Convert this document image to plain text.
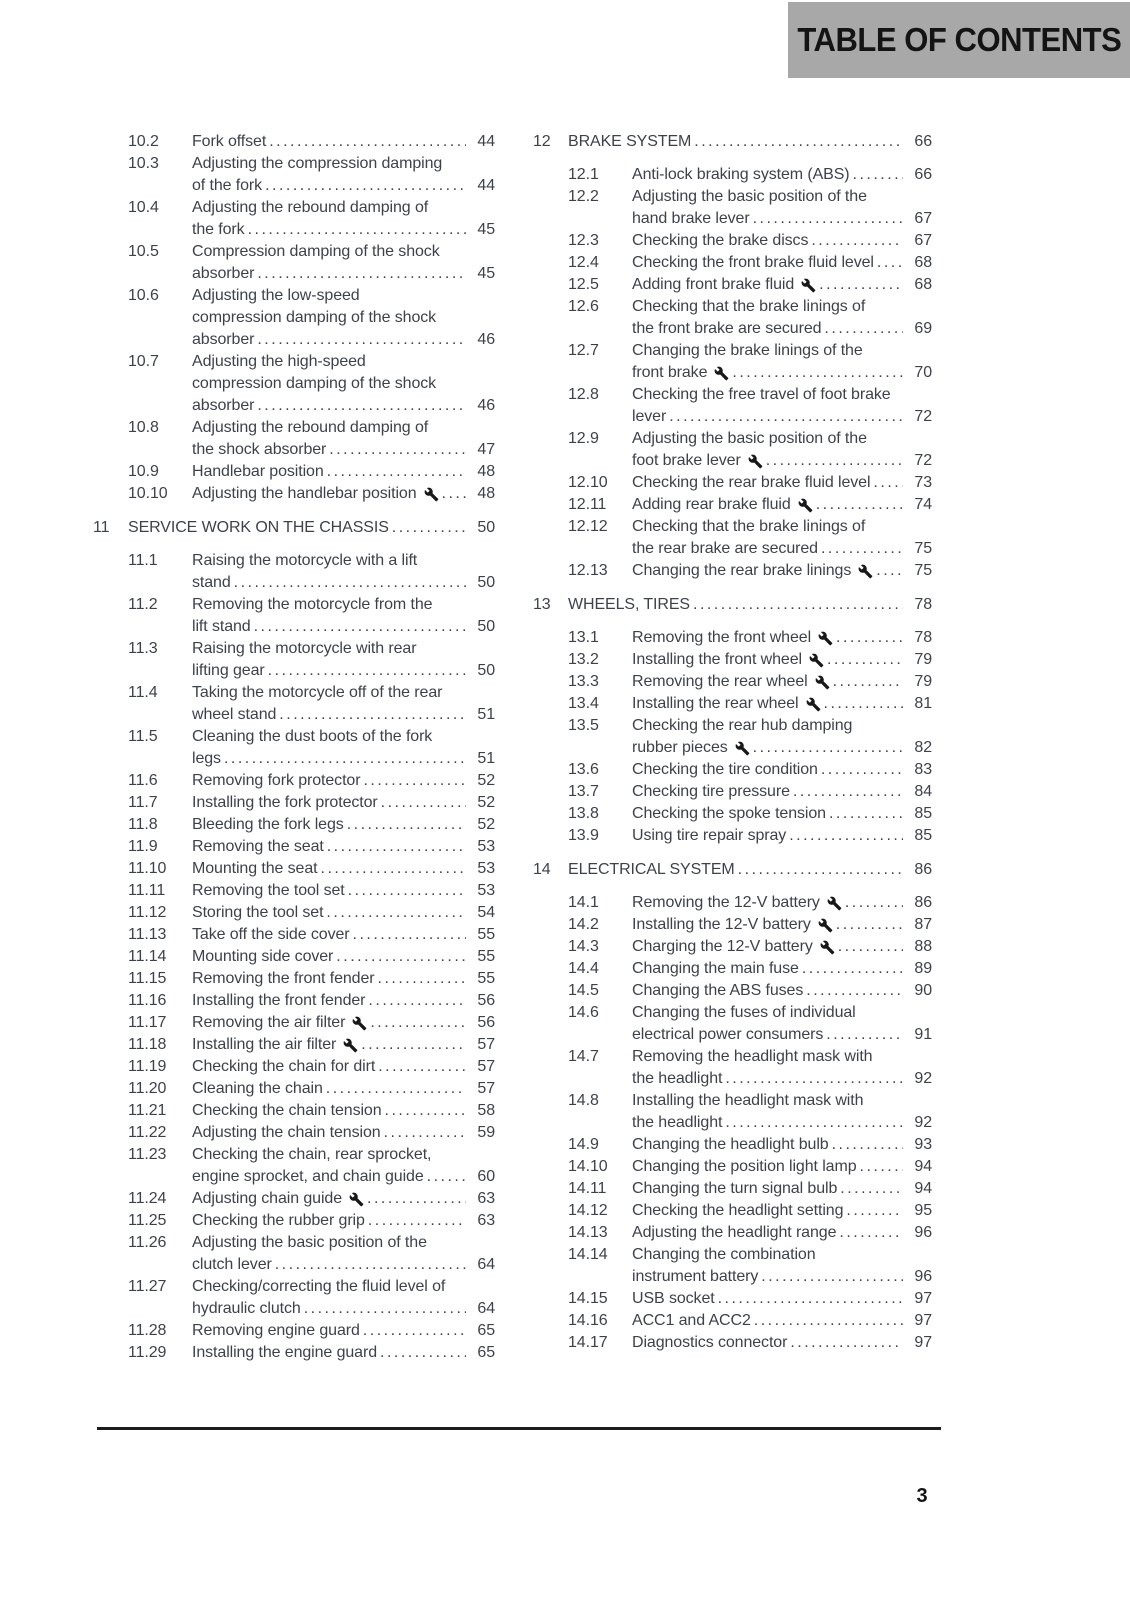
TABLE OF CONTENTS
10.2	Fork offset .....	44
10.3	Adjusting the compression damping
of the fork .....	44
10.4	Adjusting the rebound damping of
the fork .....	45
10.5	Compression damping of the shock
absorber .....	45
10.6	Adjusting the low-speed
compression damping of the shock
absorber .....	46
10.7	Adjusting the high-speed
compression damping of the shock
absorber .....	46
10.8	Adjusting the rebound damping of
the shock absorber .....	47
10.9	Handlebar position .....	48
10.10	Adjusting the handlebar position .....	48
11	SERVICE WORK ON THE CHASSIS .....	50
11.1	Raising the motorcycle with a lift
stand .....	50
11.2	Removing the motorcycle from the
lift stand .....	50
11.3	Raising the motorcycle with rear
lifting gear .....	50
11.4	Taking the motorcycle off of the rear
wheel stand .....	51
11.5	Cleaning the dust boots of the fork
legs .....	51
11.6	Removing fork protector .....	52
11.7	Installing the fork protector .....	52
11.8	Bleeding the fork legs .....	52
11.9	Removing the seat .....	53
11.10	Mounting the seat .....	53
11.11	Removing the tool set .....	53
11.12	Storing the tool set .....	54
11.13	Take off the side cover .....	55
11.14	Mounting side cover .....	55
11.15	Removing the front fender .....	55
11.16	Installing the front fender .....	56
11.17	Removing the air filter .....	56
11.18	Installing the air filter .....	57
11.19	Checking the chain for dirt .....	57
11.20	Cleaning the chain .....	57
11.21	Checking the chain tension .....	58
11.22	Adjusting the chain tension .....	59
11.23	Checking the chain, rear sprocket,
engine sprocket, and chain guide .....	60
11.24	Adjusting chain guide .....	63
11.25	Checking the rubber grip .....	63
11.26	Adjusting the basic position of the
clutch lever .....	64
11.27	Checking/correcting the fluid level of
hydraulic clutch .....	64
11.28	Removing engine guard .....	65
11.29	Installing the engine guard .....	65
12	BRAKE SYSTEM .....	66
12.1	Anti-lock braking system (ABS) .....	66
12.2	Adjusting the basic position of the
hand brake lever .....	67
12.3	Checking the brake discs .....	67
12.4	Checking the front brake fluid level .....	68
12.5	Adding front brake fluid .....	68
12.6	Checking that the brake linings of
the front brake are secured .....	69
12.7	Changing the brake linings of the
front brake .....	70
12.8	Checking the free travel of foot brake
lever .....	72
12.9	Adjusting the basic position of the
foot brake lever .....	72
12.10	Checking the rear brake fluid level .....	73
12.11	Adding rear brake fluid .....	74
12.12	Checking that the brake linings of
the rear brake are secured .....	75
12.13	Changing the rear brake linings .....	75
13	WHEELS, TIRES .....	78
13.1	Removing the front wheel .....	78
13.2	Installing the front wheel .....	79
13.3	Removing the rear wheel .....	79
13.4	Installing the rear wheel .....	81
13.5	Checking the rear hub damping
rubber pieces .....	82
13.6	Checking the tire condition .....	83
13.7	Checking tire pressure .....	84
13.8	Checking the spoke tension .....	85
13.9	Using tire repair spray .....	85
14	ELECTRICAL SYSTEM .....	86
14.1	Removing the 12-V battery .....	86
14.2	Installing the 12-V battery .....	87
14.3	Charging the 12-V battery .....	88
14.4	Changing the main fuse .....	89
14.5	Changing the ABS fuses .....	90
14.6	Changing the fuses of individual
electrical power consumers .....	91
14.7	Removing the headlight mask with
the headlight .....	92
14.8	Installing the headlight mask with
the headlight .....	92
14.9	Changing the headlight bulb .....	93
14.10	Changing the position light lamp .....	94
14.11	Changing the turn signal bulb .....	94
14.12	Checking the headlight setting .....	95
14.13	Adjusting the headlight range .....	96
14.14	Changing the combination
instrument battery .....	96
14.15	USB socket .....	97
14.16	ACC1 and ACC2 .....	97
14.17	Diagnostics connector .....	97
3
